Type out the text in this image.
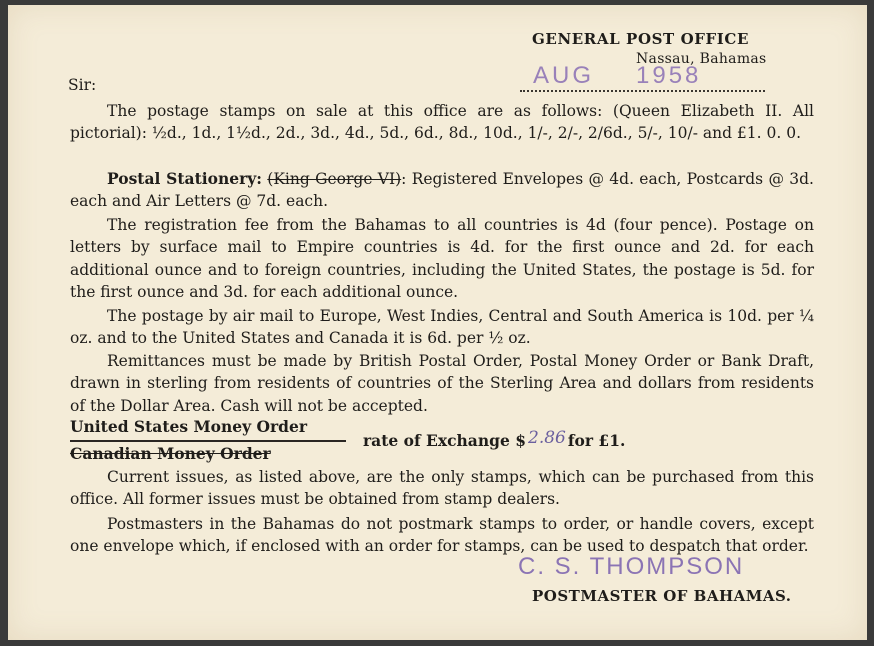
GENERAL POST OFFICE
Nassau, Bahamas
AUG 1958
Sir:

The postage stamps on sale at this office are as follows: (Queen Elizabeth II. All pictorial): ½d., 1d., 1½d., 2d., 3d., 4d., 5d., 6d., 8d., 10d., 1/-, 2/-, 2/6d., 5/-, 10/- and £1. 0. 0.

Postal Stationery: (King George VI): Registered Envelopes @ 4d. each, Postcards @ 3d. each and Air Letters @ 7d. each.

The registration fee from the Bahamas to all countries is 4d (four pence). Postage on letters by surface mail to Empire countries is 4d. for the first ounce and 2d. for each additional ounce and to foreign countries, including the United States, the postage is 5d. for the first ounce and 3d. for each additional ounce.

The postage by air mail to Europe, West Indies, Central and South America is 10d. per ¼ oz. and to the United States and Canada it is 6d. per ½ oz.

Remittances must be made by British Postal Order, Postal Money Order or Bank Draft, drawn in sterling from residents of countries of the Sterling Area and dollars from residents of the Dollar Area. Cash will not be accepted.

United States Money Order
Canadian Money Order
rate of Exchange $ 2.86 for £1.

Current issues, as listed above, are the only stamps, which can be purchased from this office. All former issues must be obtained from stamp dealers.

Postmasters in the Bahamas do not postmark stamps to order, or handle covers, except one envelope which, if enclosed with an order for stamps, can be used to despatch that order.

C. S. THOMPSON
POSTMASTER OF BAHAMAS.
